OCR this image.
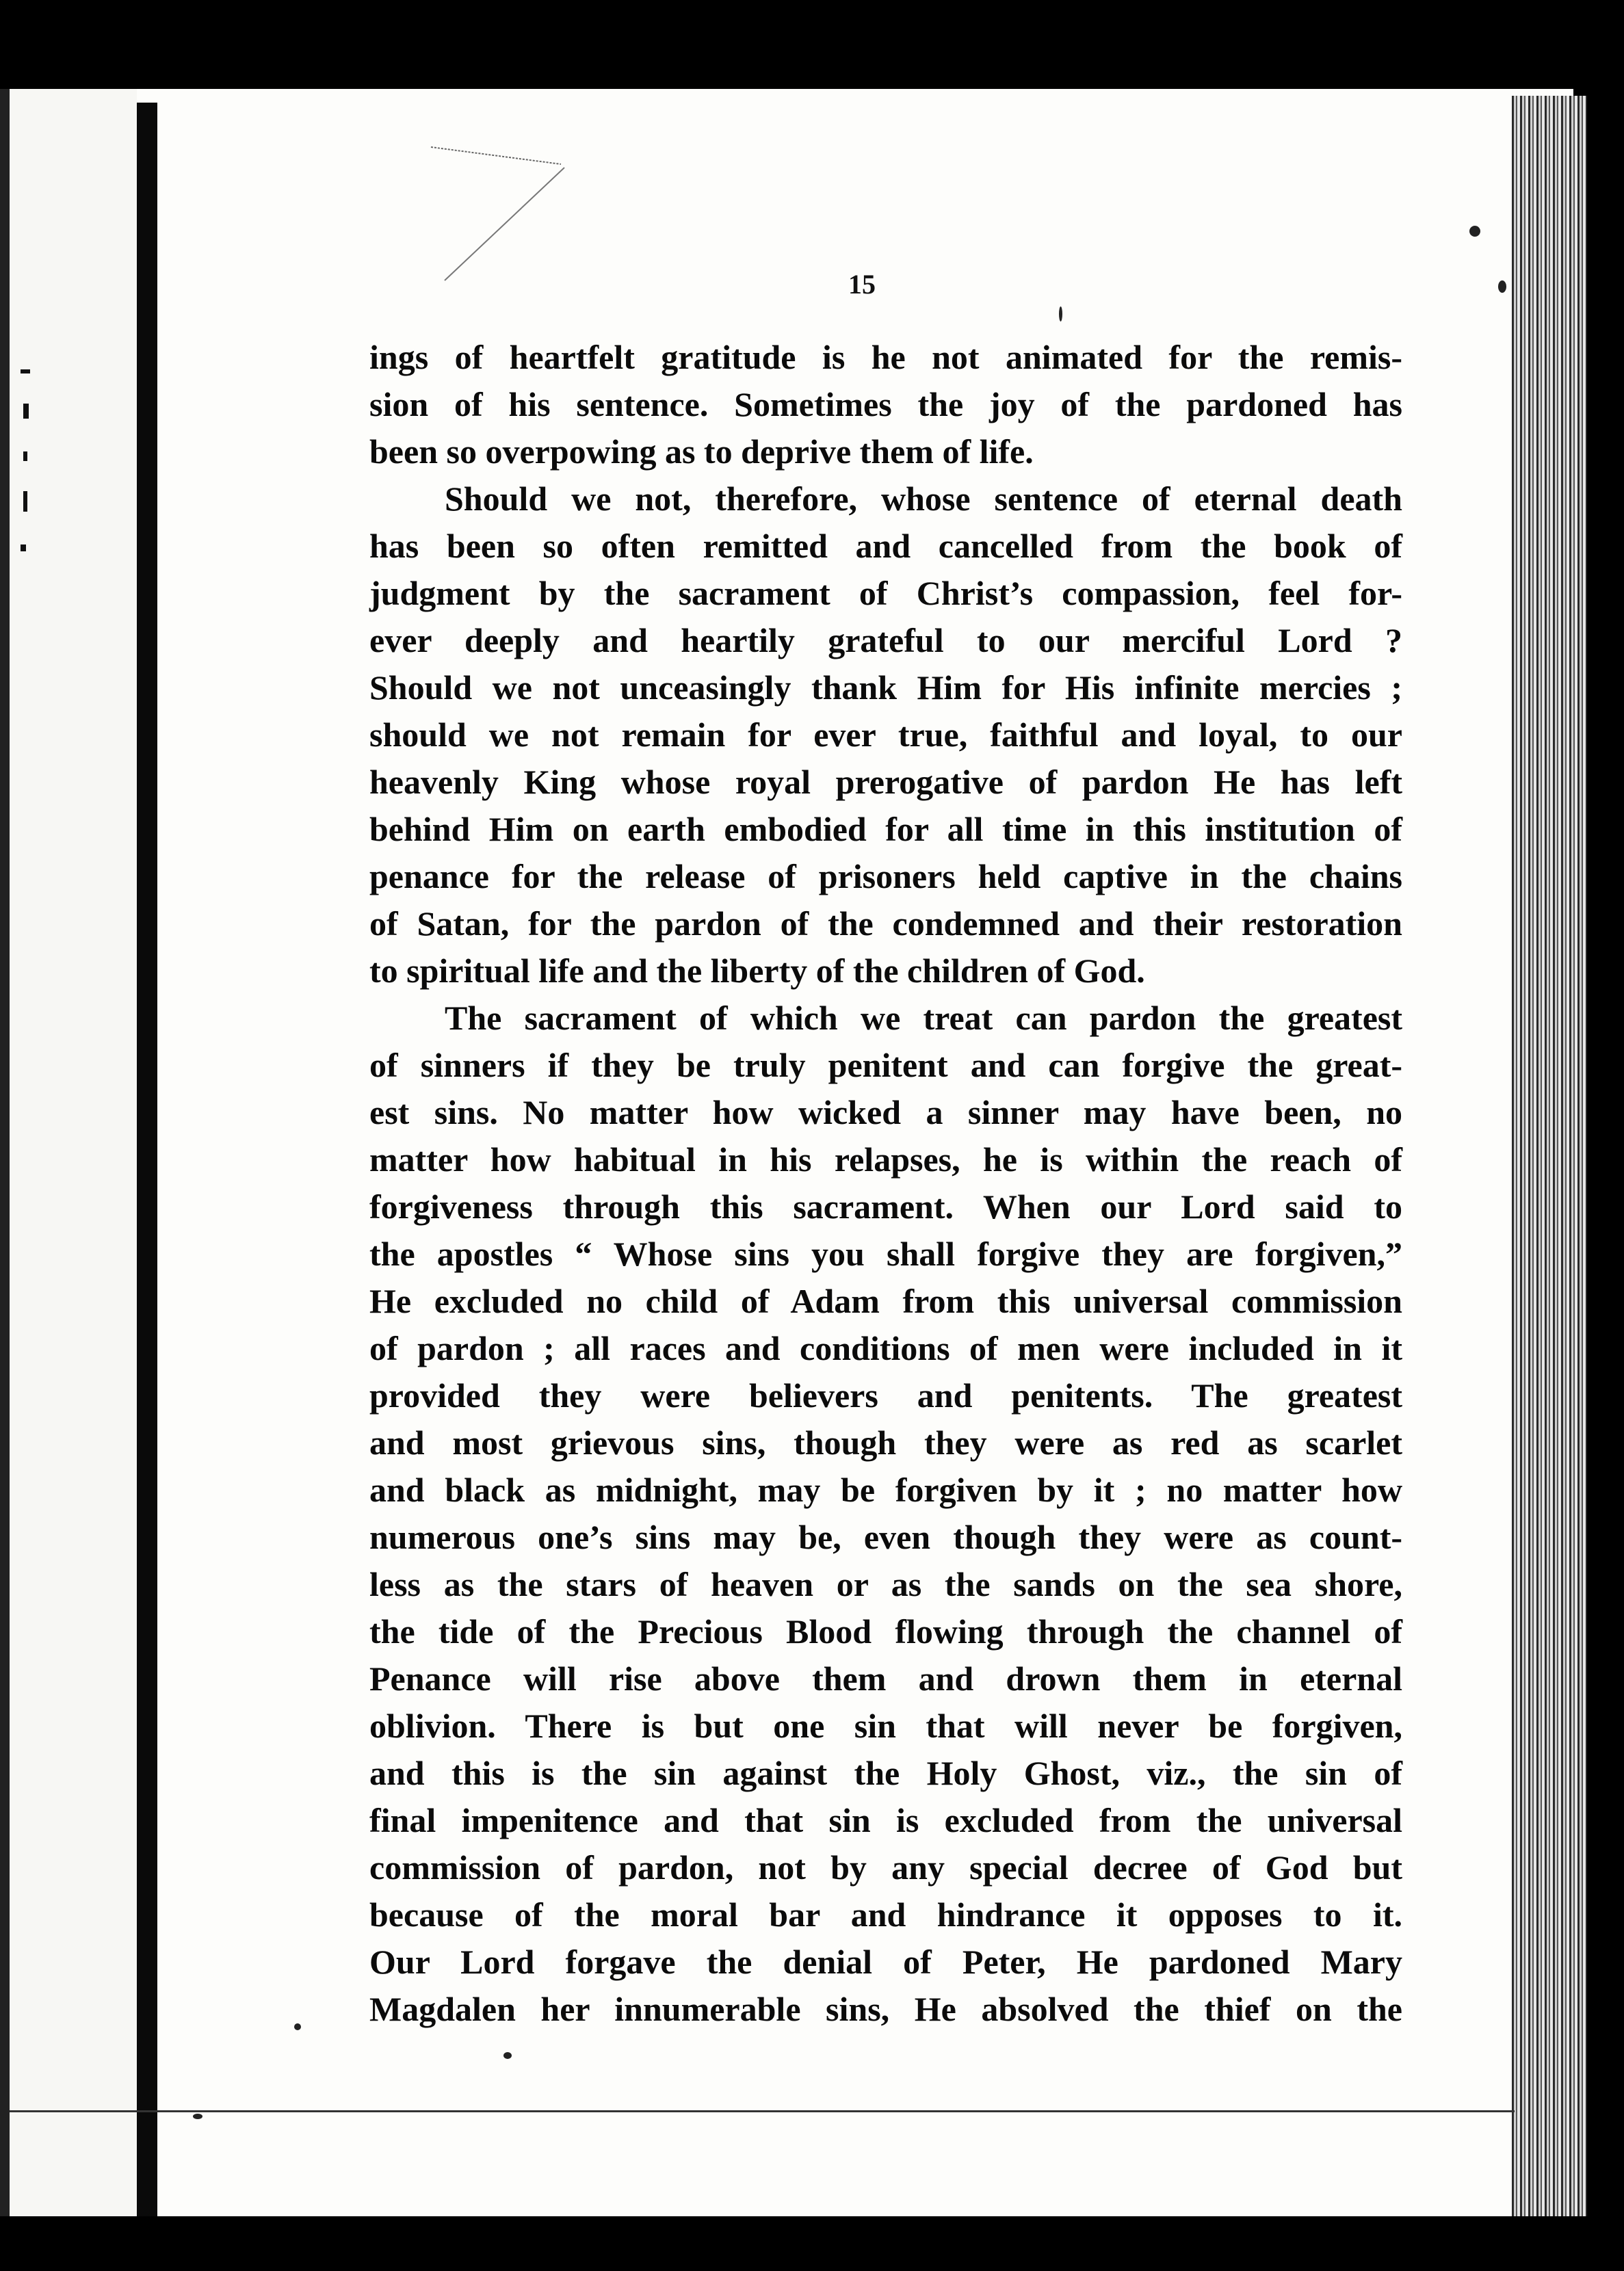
15
ings of heartfelt gratitude is he not animated for the remis-
sion of his sentence. Sometimes the joy of the pardoned has
been so overpowing as to deprive them of life.
Should we not, therefore, whose sentence of eternal death
has been so often remitted and cancelled from the book of
judgment by the sacrament of Christ’s compassion, feel for-
ever deeply and heartily grateful to our merciful Lord ?
Should we not unceasingly thank Him for His infinite mercies ;
should we not remain for ever true, faithful and loyal, to our
heavenly King whose royal prerogative of pardon He has left
behind Him on earth embodied for all time in this institution of
penance for the release of prisoners held captive in the chains
of Satan, for the pardon of the condemned and their restoration
to spiritual life and the liberty of the children of God.
The sacrament of which we treat can pardon the greatest
of sinners if they be truly penitent and can forgive the great-
est sins. No matter how wicked a sinner may have been, no
matter how habitual in his relapses, he is within the reach of
forgiveness through this sacrament. When our Lord said to
the apostles “ Whose sins you shall forgive they are forgiven,”
He excluded no child of Adam from this universal commission
of pardon ; all races and conditions of men were included in it
provided they were believers and penitents. The greatest
and most grievous sins, though they were as red as scarlet
and black as midnight, may be forgiven by it ; no matter how
numerous one’s sins may be, even though they were as count-
less as the stars of heaven or as the sands on the sea shore,
the tide of the Precious Blood flowing through the channel of
Penance will rise above them and drown them in eternal
oblivion. There is but one sin that will never be forgiven,
and this is the sin against the Holy Ghost, viz., the sin of
final impenitence and that sin is excluded from the universal
commission of pardon, not by any special decree of God but
because of the moral bar and hindrance it opposes to it.
Our Lord forgave the denial of Peter, He pardoned Mary
Magdalen her innumerable sins, He absolved the thief on the
